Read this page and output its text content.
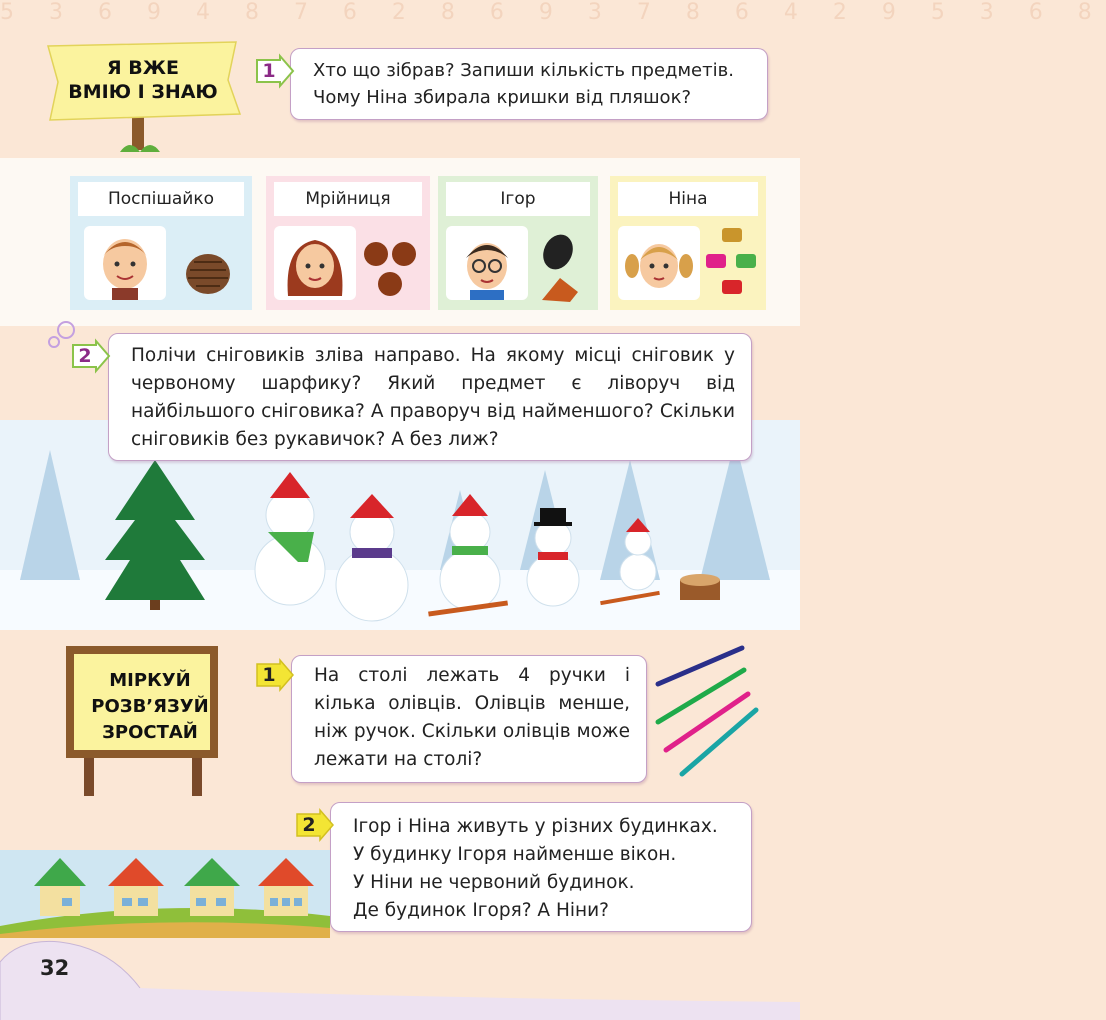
5 3 6 9 4 8 7 6 2 8 6 9 3 7 8 6 4 2 9 5 3 6 8
Я ВЖЕ
ВМІЮ І ЗНАЮ
Хто що зібрав? Запиши кількість предметів.
Чому Ніна збирала кришки від пляшок?
1
Поспішайко	Мрійниця	Ігор	Ніна
Полічи сніговиків зліва направо. На якому місці сніговик у червоному шарфику? Який предмет є ліворуч від найбільшого сніговика? А праворуч від найменшого? Скільки сніговиків без рукавичок? А без лиж?
2
МІРКУЙ
РОЗВ’ЯЗУЙ
ЗРОСТАЙ
На столі лежать 4 ручки і кілька олівців. Олівців менше, ніж ручок. Скільки олівців може лежати на столі?
1
Ігор і Ніна живуть у різних будинках.
У будинку Ігоря найменше вікон.
У Ніни не червоний будинок.
Де будинок Ігоря? А Ніни?
2
32
